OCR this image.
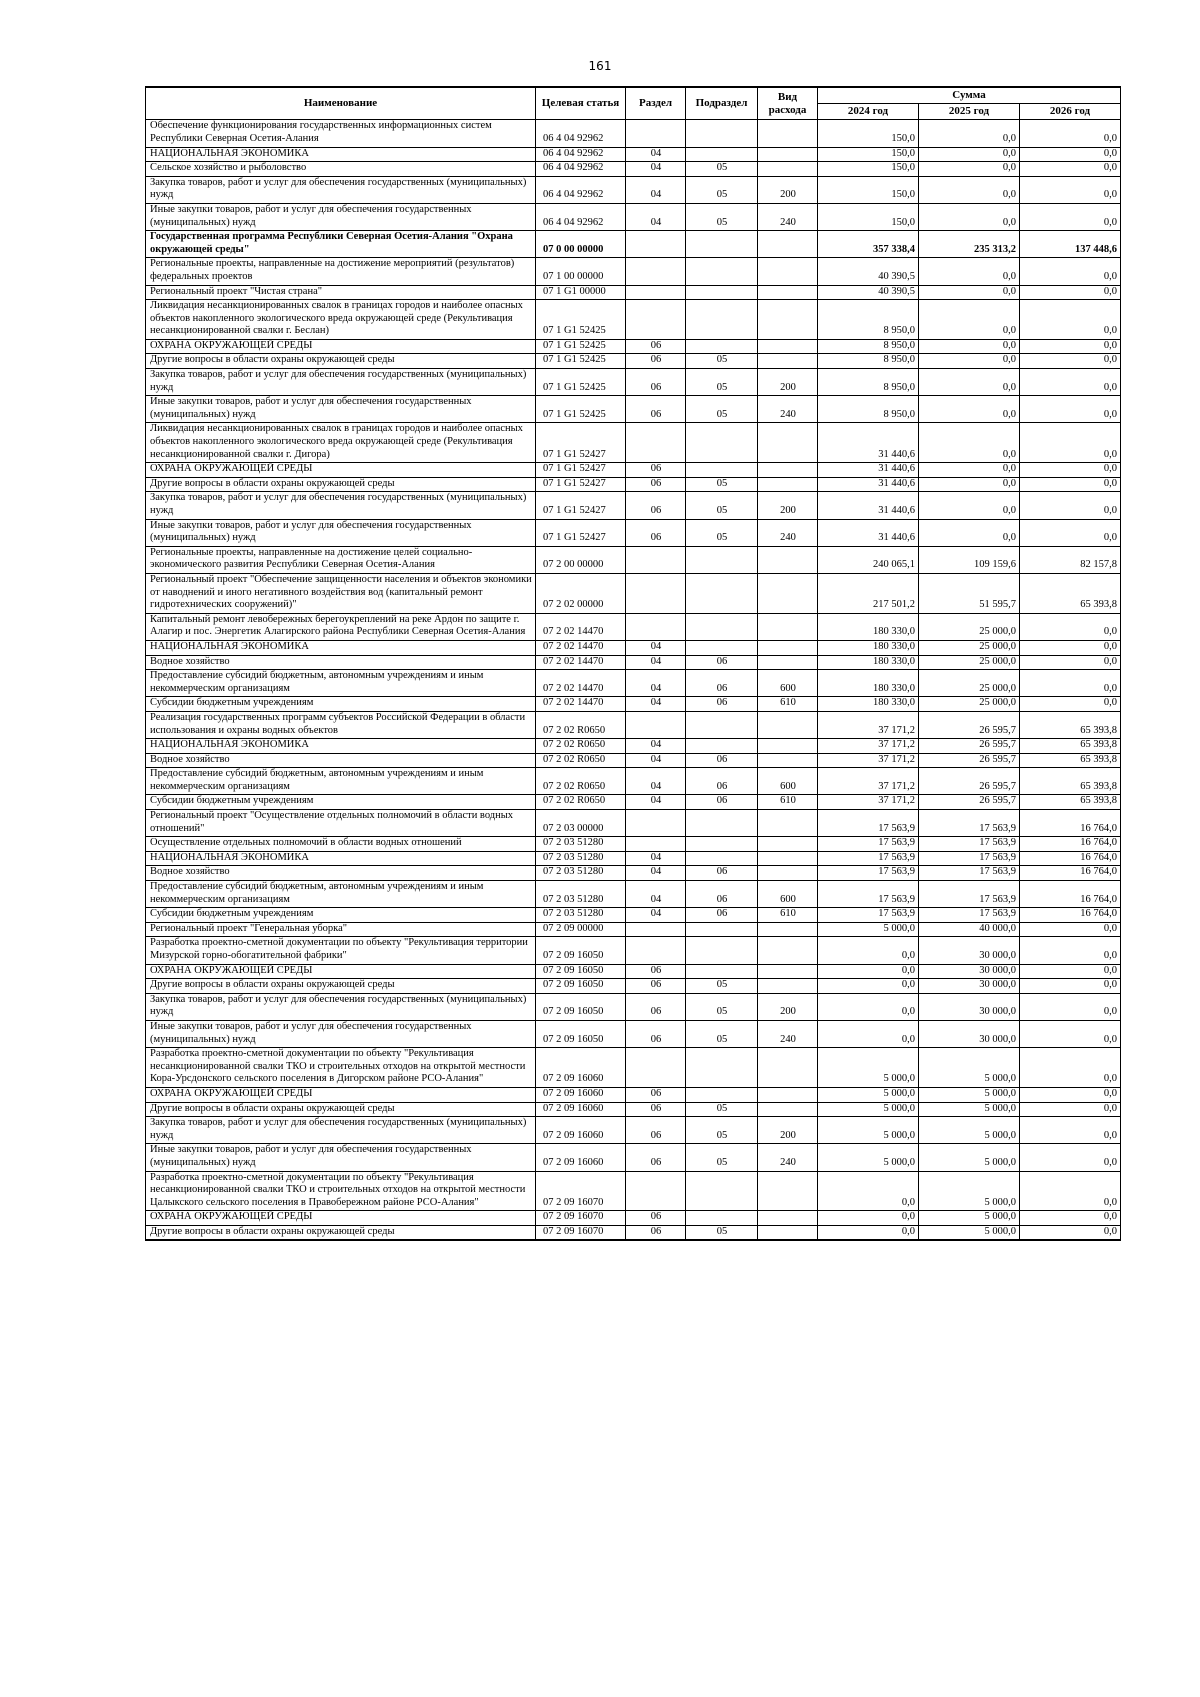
161
Наименование	Целевая статья	Раздел	Подраздел	Вид расхода	Сумма		
					2024 год	2025 год	2026 год
Обеспечение функционирования государственных информационных систем Республики Северная Осетия-Алания	06 4 04 92962				150,0	0,0	0,0
НАЦИОНАЛЬНАЯ ЭКОНОМИКА	06 4 04 92962	04			150,0	0,0	0,0
Сельское хозяйство и рыболовство	06 4 04 92962	04	05		150,0	0,0	0,0
Закупка товаров, работ и услуг для обеспечения государственных (муниципальных) нужд	06 4 04 92962	04	05	200	150,0	0,0	0,0
Иные закупки товаров, работ и услуг для обеспечения государственных (муниципальных) нужд	06 4 04 92962	04	05	240	150,0	0,0	0,0
Государственная программа Республики Северная Осетия-Алания "Охрана окружающей среды"	07 0 00 00000				357 338,4	235 313,2	137 448,6
Региональные проекты, направленные на достижение мероприятий (результатов) федеральных проектов	07 1 00 00000				40 390,5	0,0	0,0
Региональный проект "Чистая страна"	07 1 G1 00000				40 390,5	0,0	0,0
Ликвидация несанкционированных свалок в границах городов и наиболее опасных объектов накопленного экологического вреда окружающей среде (Рекультивация несанкционированной свалки г. Беслан)	07 1 G1 52425				8 950,0	0,0	0,0
ОХРАНА ОКРУЖАЮЩЕЙ СРЕДЫ	07 1 G1 52425	06			8 950,0	0,0	0,0
Другие вопросы в области охраны окружающей среды	07 1 G1 52425	06	05		8 950,0	0,0	0,0
Закупка товаров, работ и услуг для обеспечения государственных (муниципальных) нужд	07 1 G1 52425	06	05	200	8 950,0	0,0	0,0
Иные закупки товаров, работ и услуг для обеспечения государственных (муниципальных) нужд	07 1 G1 52425	06	05	240	8 950,0	0,0	0,0
Ликвидация несанкционированных свалок в границах городов и наиболее опасных объектов накопленного экологического вреда окружающей среде (Рекультивация несанкционированной свалки г. Дигора)	07 1 G1 52427				31 440,6	0,0	0,0
ОХРАНА ОКРУЖАЮЩЕЙ СРЕДЫ	07 1 G1 52427	06			31 440,6	0,0	0,0
Другие вопросы в области охраны окружающей среды	07 1 G1 52427	06	05		31 440,6	0,0	0,0
Закупка товаров, работ и услуг для обеспечения государственных (муниципальных) нужд	07 1 G1 52427	06	05	200	31 440,6	0,0	0,0
Иные закупки товаров, работ и услуг для обеспечения государственных (муниципальных) нужд	07 1 G1 52427	06	05	240	31 440,6	0,0	0,0
Региональные проекты, направленные на достижение целей социально-экономического развития Республики Северная Осетия-Алания	07 2 00 00000				240 065,1	109 159,6	82 157,8
Региональный проект "Обеспечение защищенности населения и объектов экономики от наводнений и иного негативного воздействия вод (капитальный ремонт гидротехнических сооружений)"	07 2 02 00000				217 501,2	51 595,7	65 393,8
Капитальный ремонт левобережных берегоукреплений на реке Ардон по защите г. Алагир и пос. Энергетик Алагирского района Республики Северная Осетия-Алания	07 2 02 14470				180 330,0	25 000,0	0,0
НАЦИОНАЛЬНАЯ ЭКОНОМИКА	07 2 02 14470	04			180 330,0	25 000,0	0,0
Водное хозяйство	07 2 02 14470	04	06		180 330,0	25 000,0	0,0
Предоставление субсидий бюджетным, автономным учреждениям и иным некоммерческим организациям	07 2 02 14470	04	06	600	180 330,0	25 000,0	0,0
Субсидии бюджетным учреждениям	07 2 02 14470	04	06	610	180 330,0	25 000,0	0,0
Реализация государственных программ субъектов Российской Федерации в области использования и охраны водных объектов	07 2 02 R0650				37 171,2	26 595,7	65 393,8
НАЦИОНАЛЬНАЯ ЭКОНОМИКА	07 2 02 R0650	04			37 171,2	26 595,7	65 393,8
Водное хозяйство	07 2 02 R0650	04	06		37 171,2	26 595,7	65 393,8
Предоставление субсидий бюджетным, автономным учреждениям и иным некоммерческим организациям	07 2 02 R0650	04	06	600	37 171,2	26 595,7	65 393,8
Субсидии бюджетным учреждениям	07 2 02 R0650	04	06	610	37 171,2	26 595,7	65 393,8
Региональный проект "Осуществление отдельных полномочий в области водных отношений"	07 2 03 00000				17 563,9	17 563,9	16 764,0
Осуществление отдельных полномочий в области водных отношений	07 2 03 51280				17 563,9	17 563,9	16 764,0
НАЦИОНАЛЬНАЯ ЭКОНОМИКА	07 2 03 51280	04			17 563,9	17 563,9	16 764,0
Водное хозяйство	07 2 03 51280	04	06		17 563,9	17 563,9	16 764,0
Предоставление субсидий бюджетным, автономным учреждениям и иным некоммерческим организациям	07 2 03 51280	04	06	600	17 563,9	17 563,9	16 764,0
Субсидии бюджетным учреждениям	07 2 03 51280	04	06	610	17 563,9	17 563,9	16 764,0
Региональный проект "Генеральная уборка"	07 2 09 00000				5 000,0	40 000,0	0,0
Разработка проектно-сметной документации по объекту "Рекультивация территории Мизурской горно-обогатительной фабрики"	07 2 09 16050				0,0	30 000,0	0,0
ОХРАНА ОКРУЖАЮЩЕЙ СРЕДЫ	07 2 09 16050	06			0,0	30 000,0	0,0
Другие вопросы в области охраны окружающей среды	07 2 09 16050	06	05		0,0	30 000,0	0,0
Закупка товаров, работ и услуг для обеспечения государственных (муниципальных) нужд	07 2 09 16050	06	05	200	0,0	30 000,0	0,0
Иные закупки товаров, работ и услуг для обеспечения государственных (муниципальных) нужд	07 2 09 16050	06	05	240	0,0	30 000,0	0,0
Разработка проектно-сметной документации по объекту "Рекультивация несанкционированной свалки ТКО и строительных отходов на открытой местности Кора-Урсдонского сельского поселения в Дигорском районе РСО-Алания"	07 2 09 16060				5 000,0	5 000,0	0,0
ОХРАНА ОКРУЖАЮЩЕЙ СРЕДЫ	07 2 09 16060	06			5 000,0	5 000,0	0,0
Другие вопросы в области охраны окружающей среды	07 2 09 16060	06	05		5 000,0	5 000,0	0,0
Закупка товаров, работ и услуг для обеспечения государственных (муниципальных) нужд	07 2 09 16060	06	05	200	5 000,0	5 000,0	0,0
Иные закупки товаров, работ и услуг для обеспечения государственных (муниципальных) нужд	07 2 09 16060	06	05	240	5 000,0	5 000,0	0,0
Разработка проектно-сметной документации по объекту "Рекультивация несанкционированной свалки ТКО и строительных отходов на открытой местности Цалыкского сельского поселения в Правобережном районе РСО-Алания"	07 2 09 16070				0,0	5 000,0	0,0
ОХРАНА ОКРУЖАЮЩЕЙ СРЕДЫ	07 2 09 16070	06			0,0	5 000,0	0,0
Другие вопросы в области охраны окружающей среды	07 2 09 16070	06	05		0,0	5 000,0	0,0
